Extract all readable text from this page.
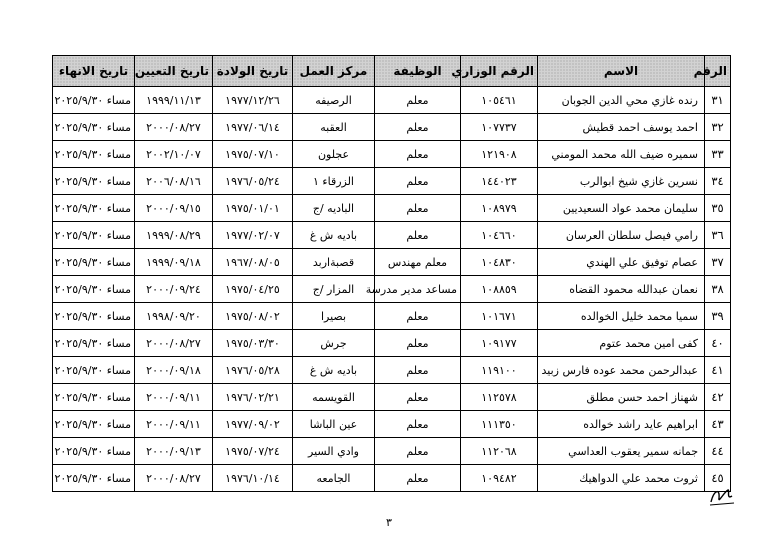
الرقم	الاسم	الرقم الوزاري	الوظيفة	مركز العمل	تاريخ الولادة	تاريخ التعيين	تاريخ الانهاء
٣١	رنده غازي محي الدين الجوبان	١٠٥٤٦١	معلم	الرصيفه	١٩٧٧/١٢/٢٦	١٩٩٩/١١/١٣	مساء ٢٠٢٥/٩/٣٠
٣٢	احمد يوسف احمد قطيش	١٠٧٧٣٧	معلم	العقبه	١٩٧٧/٠٦/١٤	٢٠٠٠/٠٨/٢٧	مساء ٢٠٢٥/٩/٣٠
٣٣	سميره ضيف الله محمد المومني	١٢١٩٠٨	معلم	عجلون	١٩٧٥/٠٧/١٠	٢٠٠٢/١٠/٠٧	مساء ٢٠٢٥/٩/٣٠
٣٤	نسرين غازي شيخ ابوالرب	١٤٤٠٢٣	معلم	الزرقاء ١	١٩٧٦/٠٥/٢٤	٢٠٠٦/٠٨/١٦	مساء ٢٠٢٥/٩/٣٠
٣٥	سليمان محمد عواد السعيديين	١٠٨٩٧٩	معلم	الباديه /ج	١٩٧٥/٠١/٠١	٢٠٠٠/٠٩/١٥	مساء ٢٠٢٥/٩/٣٠
٣٦	رامي فيصل سلطان العرسان	١٠٤٦٦٠	معلم	باديه ش غ	١٩٧٧/٠٢/٠٧	١٩٩٩/٠٨/٢٩	مساء ٢٠٢٥/٩/٣٠
٣٧	عصام توفيق علي الهندي	١٠٤٨٣٠	معلم مهندس	قصبةاربد	١٩٦٧/٠٨/٠٥	١٩٩٩/٠٩/١٨	مساء ٢٠٢٥/٩/٣٠
٣٨	نعمان عبدالله محمود القضاه	١٠٨٨٥٩	مساعد مدير مدرسة	المزار /ج	١٩٧٥/٠٤/٢٥	٢٠٠٠/٠٩/٢٤	مساء ٢٠٢٥/٩/٣٠
٣٩	سميا محمد خليل الخوالده	١٠١٦٧١	معلم	بصيرا	١٩٧٥/٠٨/٠٢	١٩٩٨/٠٩/٢٠	مساء ٢٠٢٥/٩/٣٠
٤٠	كفى امين محمد عتوم	١٠٩١٧٧	معلم	جرش	١٩٧٥/٠٣/٣٠	٢٠٠٠/٠٨/٢٧	مساء ٢٠٢٥/٩/٣٠
٤١	عبدالرحمن محمد عوده فارس زبيد	١١٩١٠٠	معلم	باديه ش غ	١٩٧٦/٠٥/٢٨	٢٠٠٠/٠٩/١٨	مساء ٢٠٢٥/٩/٣٠
٤٢	شهناز احمد حسن مطلق	١١٢٥٧٨	معلم	القويسمه	١٩٧٦/٠٢/٢١	٢٠٠٠/٠٩/١١	مساء ٢٠٢٥/٩/٣٠
٤٣	ابراهيم عايد راشد خوالده	١١١٣٥٠	معلم	عين الباشا	١٩٧٧/٠٩/٠٢	٢٠٠٠/٠٩/١١	مساء ٢٠٢٥/٩/٣٠
٤٤	جمانه سمير يعقوب العداسي	١١٢٠٦٨	معلم	وادي السير	١٩٧٥/٠٧/٢٤	٢٠٠٠/٠٩/١٣	مساء ٢٠٢٥/٩/٣٠
٤٥	ثروت محمد علي الدواهيك	١٠٩٤٨٢	معلم	الجامعه	١٩٧٦/١٠/١٤	٢٠٠٠/٠٨/٢٧	مساء ٢٠٢٥/٩/٣٠
٣
